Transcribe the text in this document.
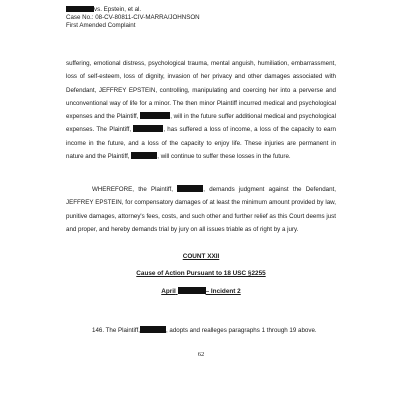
vs. Epstein, et al.
Case No.: 08-CV-80811-CIV-MARRA/JOHNSON
First Amended Complaint
suffering, emotional distress, psychological trauma, mental anguish, humiliation, embarrassment, loss of self-esteem, loss of dignity, invasion of her privacy and other damages associated with Defendant, JEFFREY EPSTEIN, controlling, manipulating and coercing her into a perverse and unconventional way of life for a minor. The then minor Plaintiff incurred medical and psychological expenses and the Plaintiff,	, will in the future suffer additional medical and psychological expenses. The Plaintiff,	, has suffered a loss of income, a loss of the capacity to earn income in the future, and a loss of the capacity to enjoy life. These injuries are permanent in nature and the Plaintiff,	, will continue to suffer these losses in the future.
WHEREFORE, the Plaintiff,	, demands judgment against the Defendant, JEFFREY EPSTEIN, for compensatory damages of at least the minimum amount provided by law, punitive damages, attorney's fees, costs, and such other and further relief as this Court deems just and proper, and hereby demands trial by jury on all issues triable as of right by a jury.
COUNT XXII
Cause of Action Pursuant to 18 USC §2255
April	– Incident 2
146. The Plaintiff,	, adopts and realleges paragraphs 1 through 19 above.
62
